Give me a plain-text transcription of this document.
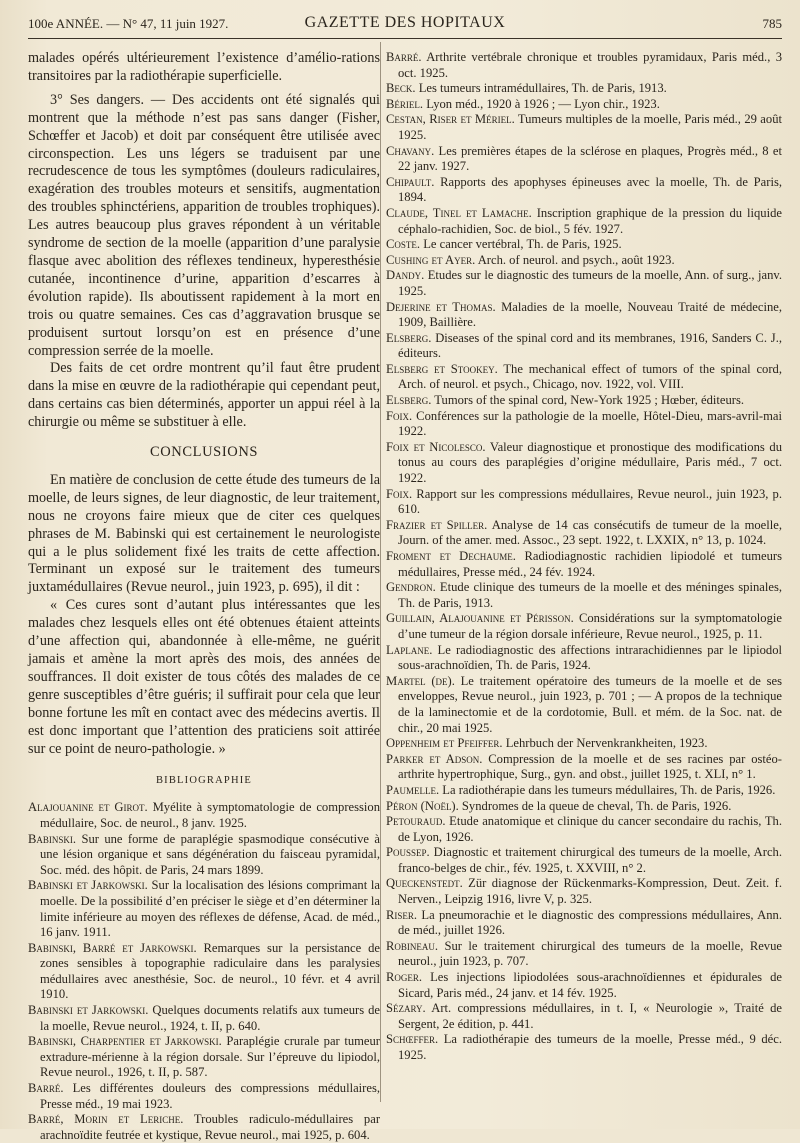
100e ANNÉE. — N° 47, 11 juin 1927.	GAZETTE DES HOPITAUX	785

malades opérés ultérieurement l’existence d’amélio-rations transitoires par la radiothérapie superficielle.

3° Ses dangers. — Des accidents ont été signalés qui montrent que la méthode n’est pas sans danger (Fisher, Schœffer et Jacob) et doit par conséquent être utilisée avec circonspection. Les uns légers se traduisent par une recrudescence de tous les symptômes (douleurs radiculaires, exagération des troubles moteurs et sensitifs, augmentation des troubles sphinctériens, apparition de troubles trophiques). Les autres beaucoup plus graves répondent à un véritable syndrome de section de la moelle (apparition d’une paralysie flasque avec abolition des réflexes tendineux, hyperesthésie cutanée, incontinence d’urine, apparition d’escarres à évolution rapide). Ils aboutissent rapidement à la mort en trois ou quatre semaines. Ces cas d’aggravation brusque se produisent surtout lorsqu’on est en présence d’une compression serrée de la moelle.

Des faits de cet ordre montrent qu’il faut être prudent dans la mise en œuvre de la radiothérapie qui cependant peut, dans certains cas bien déterminés, apporter un appui réel à la chirurgie ou même se substituer à elle.

CONCLUSIONS

En matière de conclusion de cette étude des tumeurs de la moelle, de leurs signes, de leur diagnostic, de leur traitement, nous ne croyons faire mieux que de citer ces quelques phrases de M. Babinski qui est certainement le neurologiste qui a le plus solidement fixé les traits de cette affection. Terminant un exposé sur le traitement des tumeurs juxtamédullaires (Revue neurol., juin 1923, p. 695), il dit :

« Ces cures sont d’autant plus intéressantes que les malades chez lesquels elles ont été obtenues étaient atteints d’une affection qui, abandonnée à elle-même, ne guérit jamais et amène la mort après des mois, des années de souffrances. Il doit exister de tous côtés des malades de ce genre susceptibles d’être guéris; il suffirait pour cela que leur bonne fortune les mît en contact avec des médecins avertis. Il est donc important que l’attention des praticiens soit attirée sur ce point de neuro-pathologie. »

BIBLIOGRAPHIE

Alajouanine et Girot. Myélite à symptomatologie de compression médullaire, Soc. de neurol., 8 janv. 1925.

Babinski. Sur une forme de paraplégie spasmodique consécutive à une lésion organique et sans dégénération du faisceau pyramidal, Soc. méd. des hôpit. de Paris, 24 mars 1899.

Babinski et Jarkowski. Sur la localisation des lésions comprimant la moelle. De la possibilité d’en préciser le siège et d’en déterminer la limite inférieure au moyen des réflexes de défense, Acad. de méd., 16 janv. 1911.

Babinski, Barré et Jarkowski. Remarques sur la persistance de zones sensibles à topographie radiculaire dans les paralysies médullaires avec anesthésie, Soc. de neurol., 10 févr. et 4 avril 1910.

Babinski et Jarkowski. Quelques documents relatifs aux tumeurs de la moelle, Revue neurol., 1924, t. II, p. 640.

Babinski, Charpentier et Jarkowski. Paraplégie crurale par tumeur extradure-mérienne à la région dorsale. Sur l’épreuve du lipiodol, Revue neurol., 1926, t. II, p. 587.

Barré. Les différentes douleurs des compressions médullaires, Presse méd., 19 mai 1923.

Barré, Morin et Leriche. Troubles radiculo-médullaires par arachnoïdite feutrée et kystique, Revue neurol., mai 1925, p. 604.

Barré. Arthrite vertébrale chronique et troubles pyramidaux, Paris méd., 3 oct. 1925.

Beck. Les tumeurs intramédullaires, Th. de Paris, 1913.

Bériel. Lyon méd., 1920 à 1926 ; — Lyon chir., 1923.

Cestan, Riser et Mériel. Tumeurs multiples de la moelle, Paris méd., 29 août 1925.

Chavany. Les premières étapes de la sclérose en plaques, Progrès méd., 8 et 22 janv. 1927.

Chipault. Rapports des apophyses épineuses avec la moelle, Th. de Paris, 1894.

Claude, Tinel et Lamache. Inscription graphique de la pression du liquide céphalo-rachidien, Soc. de biol., 5 fév. 1927.

Coste. Le cancer vertébral, Th. de Paris, 1925.

Cushing et Ayer. Arch. of neurol. and psych., août 1923.

Dandy. Etudes sur le diagnostic des tumeurs de la moelle, Ann. of surg., janv. 1925.

Dejerine et Thomas. Maladies de la moelle, Nouveau Traité de médecine, 1909, Baillière.

Elsberg. Diseases of the spinal cord and its membranes, 1916, Sanders C. J., éditeurs.

Elsberg et Stookey. The mechanical effect of tumors of the spinal cord, Arch. of neurol. et psych., Chicago, nov. 1922, vol. VIII.

Elsberg. Tumors of the spinal cord, New-York 1925 ; Hœber, éditeurs.

Foix. Conférences sur la pathologie de la moelle, Hôtel-Dieu, mars-avril-mai 1922.

Foix et Nicolesco. Valeur diagnostique et pronostique des modifications du tonus au cours des paraplégies d’origine médullaire, Paris méd., 7 oct. 1922.

Foix. Rapport sur les compressions médullaires, Revue neurol., juin 1923, p. 610.

Frazier et Spiller. Analyse de 14 cas consécutifs de tumeur de la moelle, Journ. of the amer. med. Assoc., 23 sept. 1922, t. LXXIX, n° 13, p. 1024.

Froment et Dechaume. Radiodiagnostic rachidien lipiodolé et tumeurs médullaires, Presse méd., 24 fév. 1924.

Gendron. Etude clinique des tumeurs de la moelle et des méninges spinales, Th. de Paris, 1913.

Guillain, Alajouanine et Périsson. Considérations sur la symptomatologie d’une tumeur de la région dorsale inférieure, Revue neurol., 1925, p. 11.

Laplane. Le radiodiagnostic des affections intrarachidiennes par le lipiodol sous-arachnoïdien, Th. de Paris, 1924.

Martel (de). Le traitement opératoire des tumeurs de la moelle et de ses enveloppes, Revue neurol., juin 1923, p. 701 ; — A propos de la technique de la laminectomie et de la cordotomie, Bull. et mém. de la Soc. nat. de chir., 20 mai 1925.

Oppenheim et Pfeiffer. Lehrbuch der Nervenkrankheiten, 1923.

Parker et Adson. Compression de la moelle et de ses racines par ostéo-arthrite hypertrophique, Surg., gyn. and obst., juillet 1925, t. XLI, n° 1.

Paumelle. La radiothérapie dans les tumeurs médullaires, Th. de Paris, 1926.

Péron (Noël). Syndromes de la queue de cheval, Th. de Paris, 1926.

Petouraud. Etude anatomique et clinique du cancer secondaire du rachis, Th. de Lyon, 1926.

Poussep. Diagnostic et traitement chirurgical des tumeurs de la moelle, Arch. franco-belges de chir., fév. 1925, t. XXVIII, n° 2.

Queckenstedt. Zür diagnose der Rückenmarks-Kompression, Deut. Zeit. f. Nerven., Leipzig 1916, livre V, p. 325.

Riser. La pneumorachie et le diagnostic des compressions médullaires, Ann. de méd., juillet 1926.

Robineau. Sur le traitement chirurgical des tumeurs de la moelle, Revue neurol., juin 1923, p. 707.

Roger. Les injections lipiodolées sous-arachnoïdiennes et épidurales de Sicard, Paris méd., 24 janv. et 14 fév. 1925.

Sézary. Art. compressions médullaires, in t. I, « Neurologie », Traité de Sergent, 2e édition, p. 441.

Schœffer. La radiothérapie des tumeurs de la moelle, Presse méd., 9 déc. 1925.
